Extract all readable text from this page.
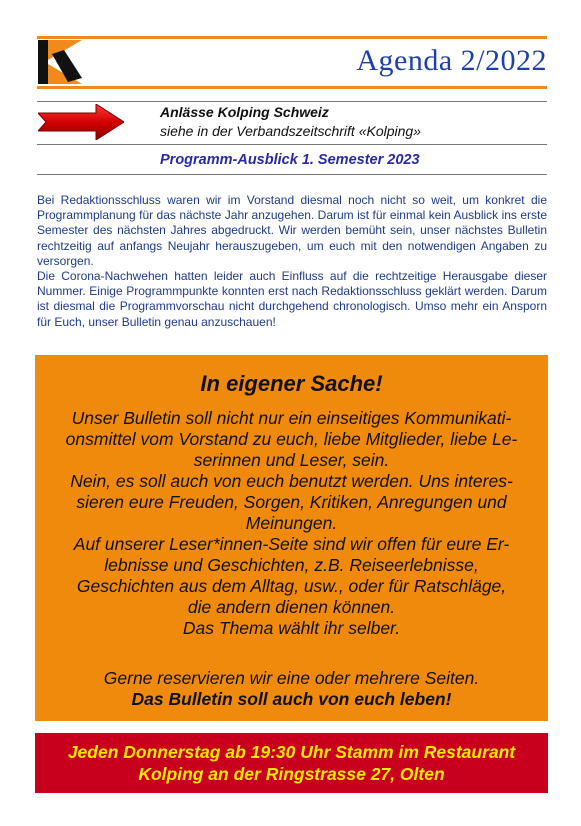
Agenda 2/2022
Anlässe Kolping Schweiz
siehe in der Verbandszeitschrift «Kolping»
Programm-Ausblick 1. Semester 2023

Bei Redaktionsschluss waren wir im Vorstand diesmal noch nicht so weit, um konkret die Programmplanung für das nächste Jahr anzugehen. Darum ist für einmal kein Ausblick ins erste Semester des nächsten Jahres abgedruckt. Wir werden bemüht sein, unser nächstes Bulletin rechtzeitig auf anfangs Neujahr herauszugeben, um euch mit den notwendigen Angaben zu versorgen.

Die Corona-Nachwehen hatten leider auch Einfluss auf die rechtzeitige Herausgabe dieser Nummer. Einige Programmpunkte konnten erst nach Redaktionsschluss geklärt werden. Darum ist diesmal die Programmvorschau nicht durchgehend chronologisch. Umso mehr ein Ansporn für Euch, unser Bulletin genau anzuschauen!

In eigener Sache!

Unser Bulletin soll nicht nur ein einseitiges Kommunikati-

onsmittel vom Vorstand zu euch, liebe Mitglieder, liebe Le-

serinnen und Leser, sein.

Nein, es soll auch von euch benutzt werden. Uns interes-

sieren eure Freuden, Sorgen, Kritiken, Anregungen und

Meinungen.

Auf unserer Leser*innen-Seite sind wir offen für eure Er-

lebnisse und Geschichten, z.B. Reiseerlebnisse,

Geschichten aus dem Alltag, usw., oder für Ratschläge,

die andern dienen können.

Das Thema wählt ihr selber.

Gerne reservieren wir eine oder mehrere Seiten.

Das Bulletin soll auch von euch leben!

Jeden Donnerstag ab 19:30 Uhr Stamm im Restaurant

Kolping an der Ringstrasse 27, Olten
